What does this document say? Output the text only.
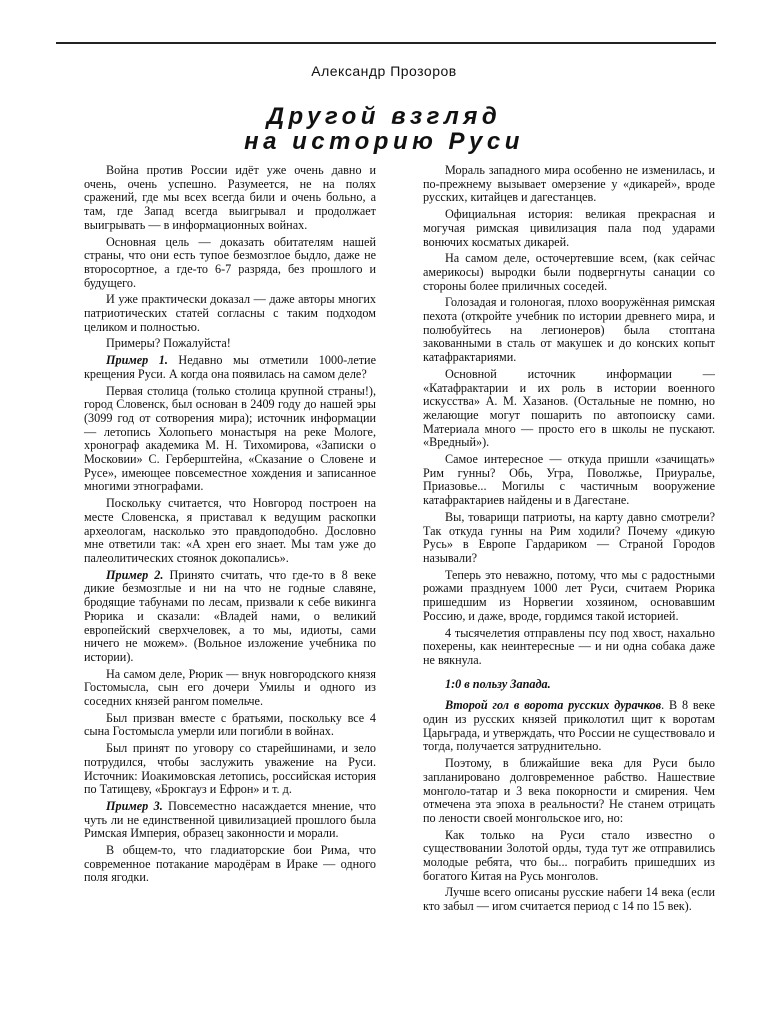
Александр Прозоров
Другой взгляд
на историю Руси

Война против России идёт уже очень давно и очень, очень успешно. Разумеется, не на полях сражений, где мы всех всегда били и очень больно, а там, где Запад всегда выигрывал и продолжает выигрывать — в информационных войнах.

Основная цель — доказать обитателям нашей страны, что они есть тупое безмозглое быдло, даже не второсортное, а где-то 6-7 разряда, без прошлого и будущего.

И уже практически доказал — даже авторы многих патриотических статей согласны с таким подходом целиком и полностью.

Примеры? Пожалуйста!

Пример 1. Недавно мы отметили 1000-летие крещения Руси. А когда она появилась на самом деле?

Первая столица (только столица крупной страны!), город Словенск, был основан в 2409 году до нашей эры (3099 год от сотворения мира); источник информации — летопись Холопьего монастыря на реке Мологе, хронограф академика М. Н. Тихомирова, «Записки о Московии» С. Герберштейна, «Сказание о Словене и Русе», имеющее повсеместное хождения и записанное многими этнографами.

Поскольку считается, что Новгород построен на месте Словенска, я приставал к ведущим раскопки археологам, насколько это правдоподобно. Дословно мне ответили так: «А хрен его знает. Мы там уже до палеолитических стоянок докопались».

Пример 2. Принято считать, что где-то в 8 веке дикие безмозглые и ни на что не годные славяне, бродящие табунами по лесам, призвали к себе викинга Рюрика и сказали: «Владей нами, о великий европейский сверхчеловек, а то мы, идиоты, сами ничего не можем». (Вольное изложение учебника по истории).

На самом деле, Рюрик — внук новгородского князя Гостомысла, сын его дочери Умилы и одного из соседних князей рангом помельче.

Был призван вместе с братьями, поскольку все 4 сына Гостомысла умерли или погибли в войнах.

Был принят по уговору со старейшинами, и зело потрудился, чтобы заслужить уважение на Руси. Источник: Иоакимовская летопись, российская история по Татищеву, «Брокгауз и Ефрон» и т. д.

Пример 3. Повсеместно насаждается мнение, что чуть ли не единственной цивилизацией прошлого была Римская Империя, образец законности и морали.

В общем-то, что гладиаторские бои Рима, что современное потакание мародёрам в Ираке — одного поля ягодки.

Мораль западного мира особенно не изменилась, и по-прежнему вызывает омерзение у «дикарей», вроде русских, китайцев и дагестанцев.

Официальная история: великая прекрасная и могучая римская цивилизация пала под ударами вонючих косматых дикарей.

На самом деле, осточертевшие всем, (как сейчас америкосы) выродки были подвергнуты санации со стороны более приличных соседей.

Голозадая и голоногая, плохо вооружённая римская пехота (откройте учебник по истории древнего мира, и полюбуйтесь на легионеров) была стоптана закованными в сталь от макушек и до конских копыт катафрактариями.

Основной источник информации — «Катафрактарии и их роль в истории военного искусства» А. М. Хазанов. (Остальные не помню, но желающие могут пошарить по автопоиску сами. Материала много — просто его в школы не пускают. «Вредный»).

Самое интересное — откуда пришли «зачищать» Рим гунны? Обь, Угра, Поволжье, Приуралье, Приазовье... Могилы с частичным вооружение катафрактариев найдены и в Дагестане.

Вы, товарищи патриоты, на карту давно смотрели? Так откуда гунны на Рим ходили? Почему «дикую Русь» в Европе Гардариком — Страной Городов называли?

Теперь это неважно, потому, что мы с радостными рожами празднуем 1000 лет Руси, считаем Рюрика пришедшим из Норвегии хозяином, основавшим Россию, и даже, вроде, гордимся такой историей.

4 тысячелетия отправлены псу под хвост, нахально похерены, как неинтересные — и ни одна собака даже не вякнула.

1:0 в пользу Запада.

Второй гол в ворота русских дурачков. В 8 веке один из русских князей приколотил щит к воротам Царьграда, и утверждать, что России не существовало и тогда, получается затруднительно.

Поэтому, в ближайшие века для Руси было запланировано долговременное рабство. Нашествие монголо-татар и 3 века покорности и смирения. Чем отмечена эта эпоха в реальности? Не станем отрицать по лености своей монгольское иго, но:

Как только на Руси стало известно о существовании Золотой орды, туда тут же отправились молодые ребята, что бы... пограбить пришедших из богатого Китая на Русь монголов.

Лучше всего описаны русские набеги 14 века (если кто забыл — игом считается период с 14 по 15 век).
